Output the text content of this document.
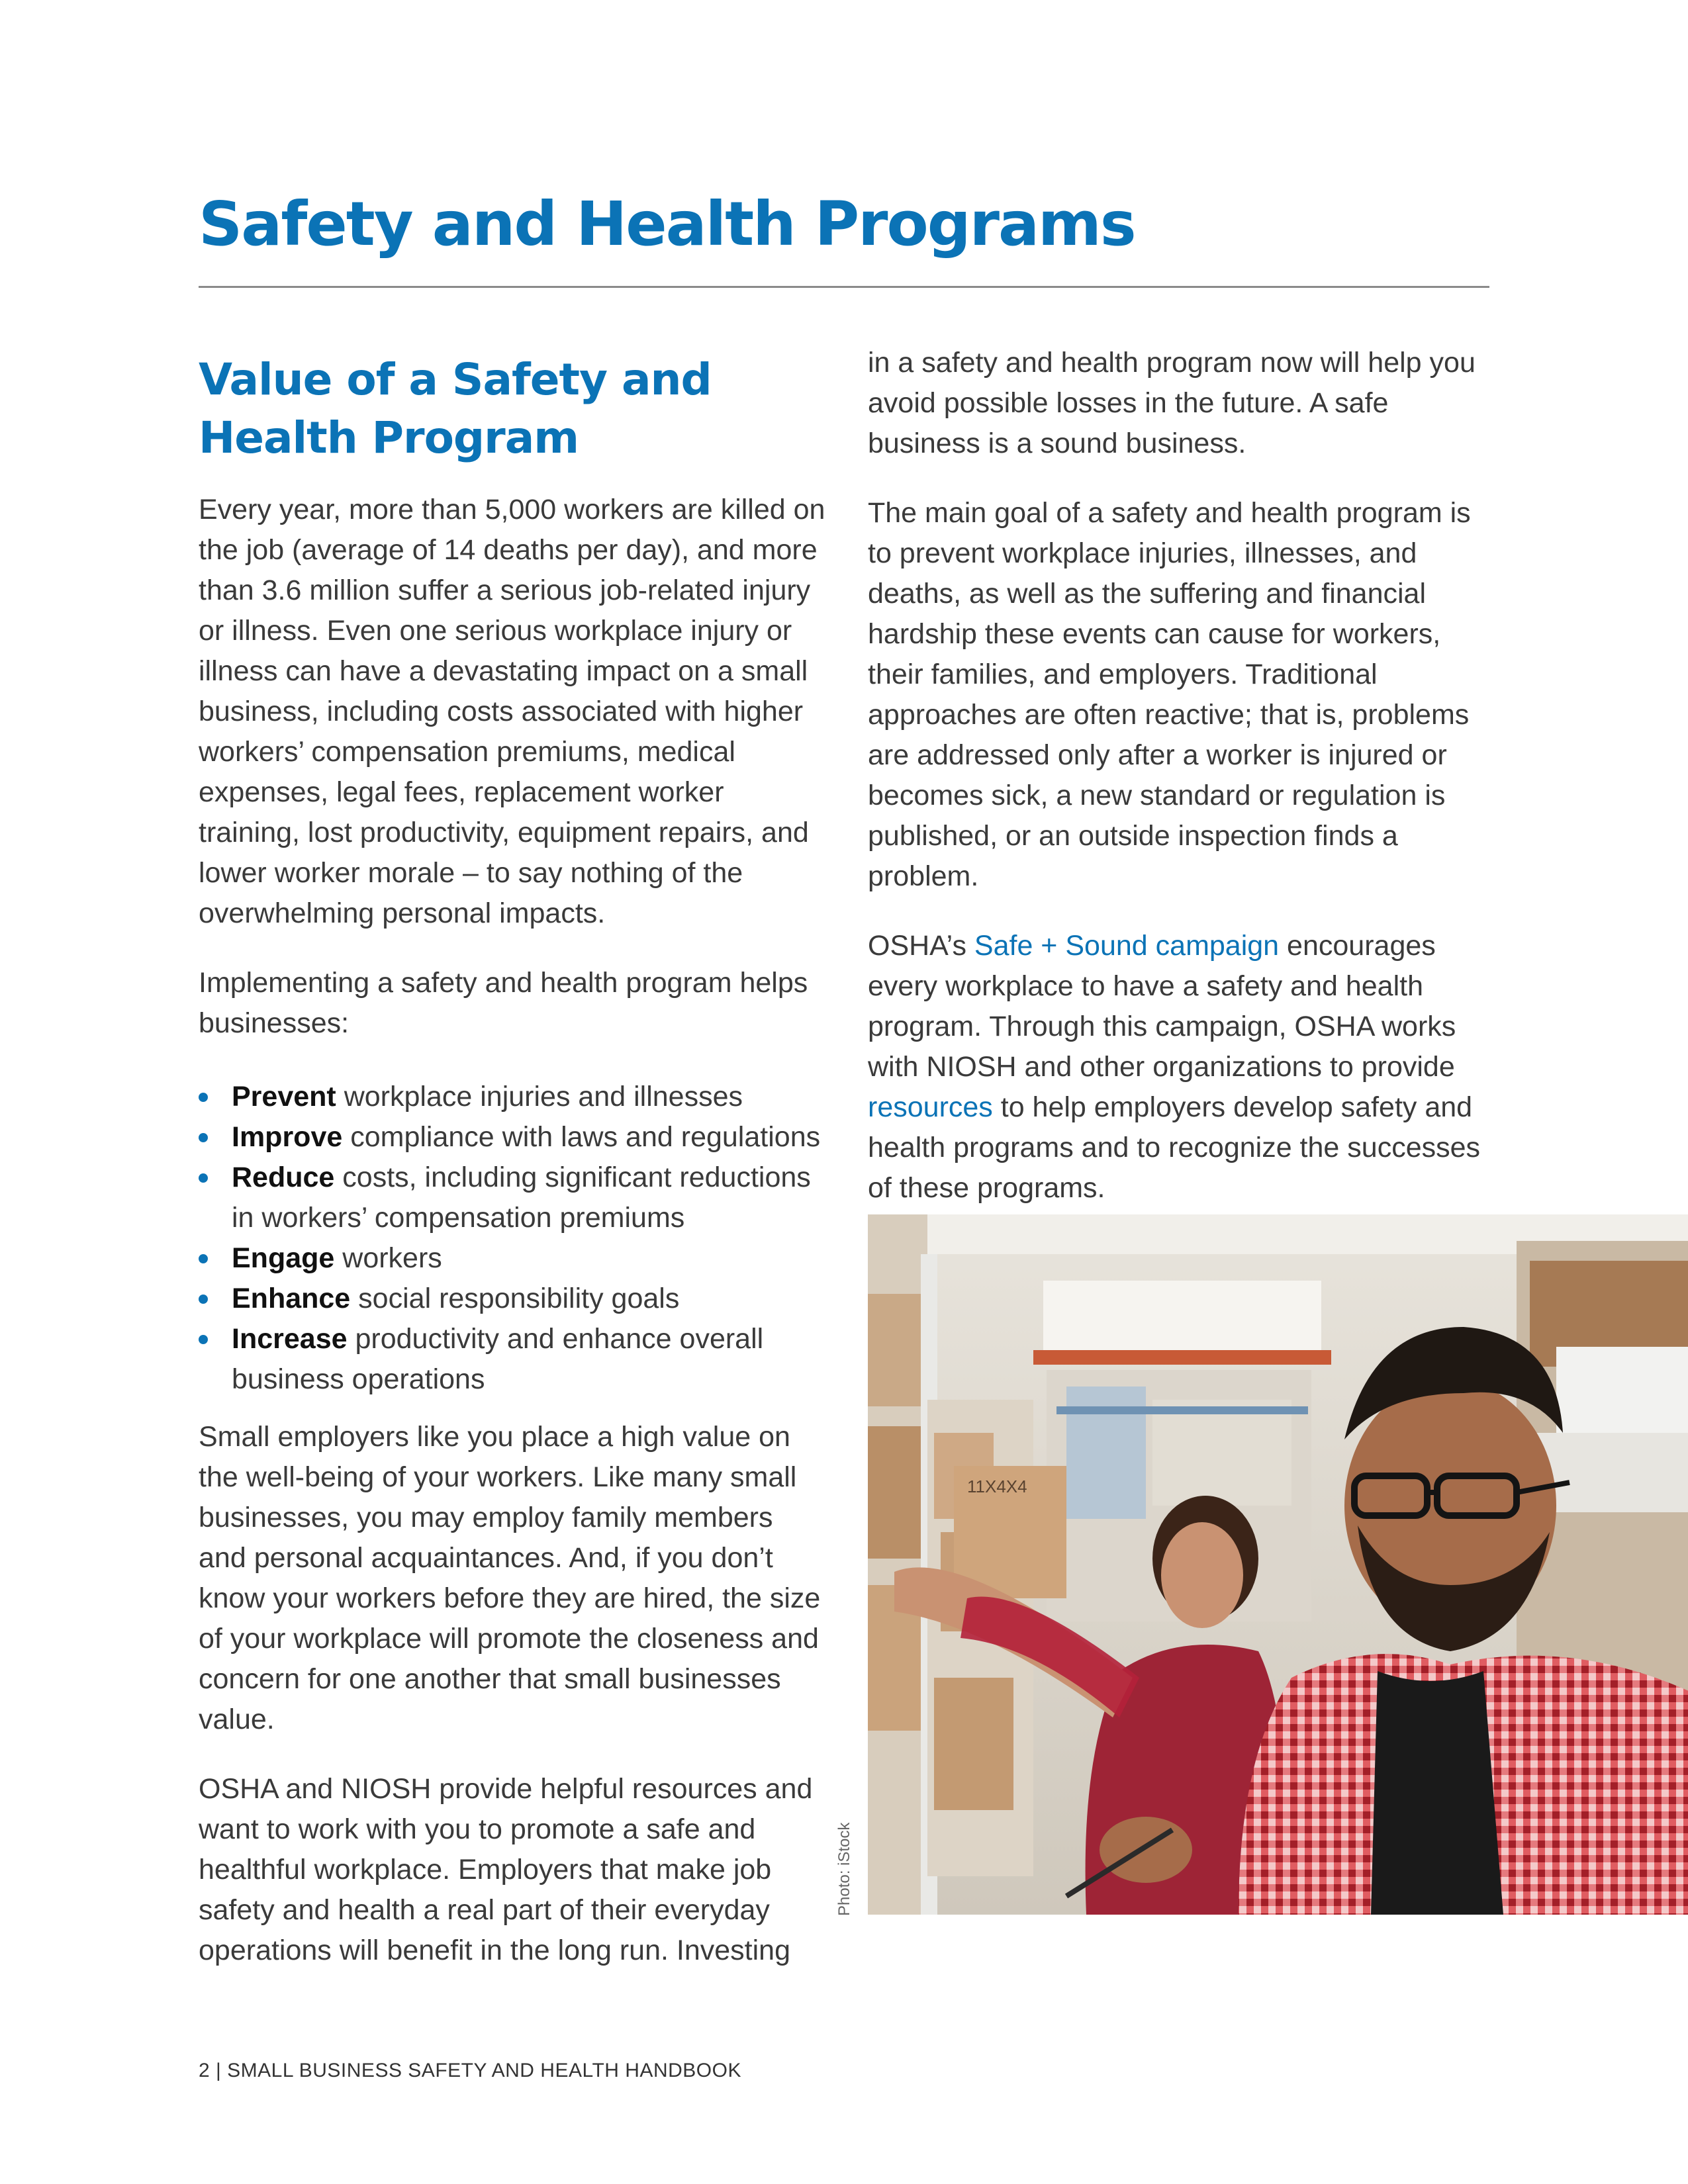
Safety and Health Programs
Value of a Safety and
Health Program

Every year, more than 5,000 workers are killed on the job (average of 14 deaths per day), and more than 3.6 million suffer a serious job-related injury or illness. Even one serious workplace injury or illness can have a devastating impact on a small business, including costs associated with higher workers’ compensation premiums, medical expenses, legal fees, replacement worker training, lost productivity, equipment repairs, and lower worker morale – to say nothing of the overwhelming personal impacts.

Implementing a safety and health program helps businesses:

Prevent workplace injuries and illnesses
Improve compliance with laws and regulations
Reduce costs, including significant reductions in workers’ compensation premiums
Engage workers
Enhance social responsibility goals
Increase productivity and enhance overall business operations

Small employers like you place a high value on the well-being of your workers. Like many small businesses, you may employ family members and personal acquaintances. And, if you don’t know your workers before they are hired, the size of your workplace will promote the closeness and concern for one another that small businesses value.

OSHA and NIOSH provide helpful resources and want to work with you to promote a safe and healthful workplace. Employers that make job safety and health a real part of their everyday operations will benefit in the long run. Investing

in a safety and health program now will help you avoid possible losses in the future. A safe business is a sound business.

The main goal of a safety and health program is to prevent workplace injuries, illnesses, and deaths, as well as the suffering and financial hardship these events can cause for workers, their families, and employers. Traditional approaches are often reactive; that is, problems are addressed only after a worker is injured or becomes sick, a new standard or regulation is published, or an outside inspection finds a problem.

OSHA’s Safe + Sound campaign encourages every workplace to have a safety and health program. Through this campaign, OSHA works with NIOSH and other organizations to provide resources to help employers develop safety and health programs and to recognize the successes of these programs.

11X4X4
Photo: iStock
2 | SMALL BUSINESS SAFETY AND HEALTH HANDBOOK
